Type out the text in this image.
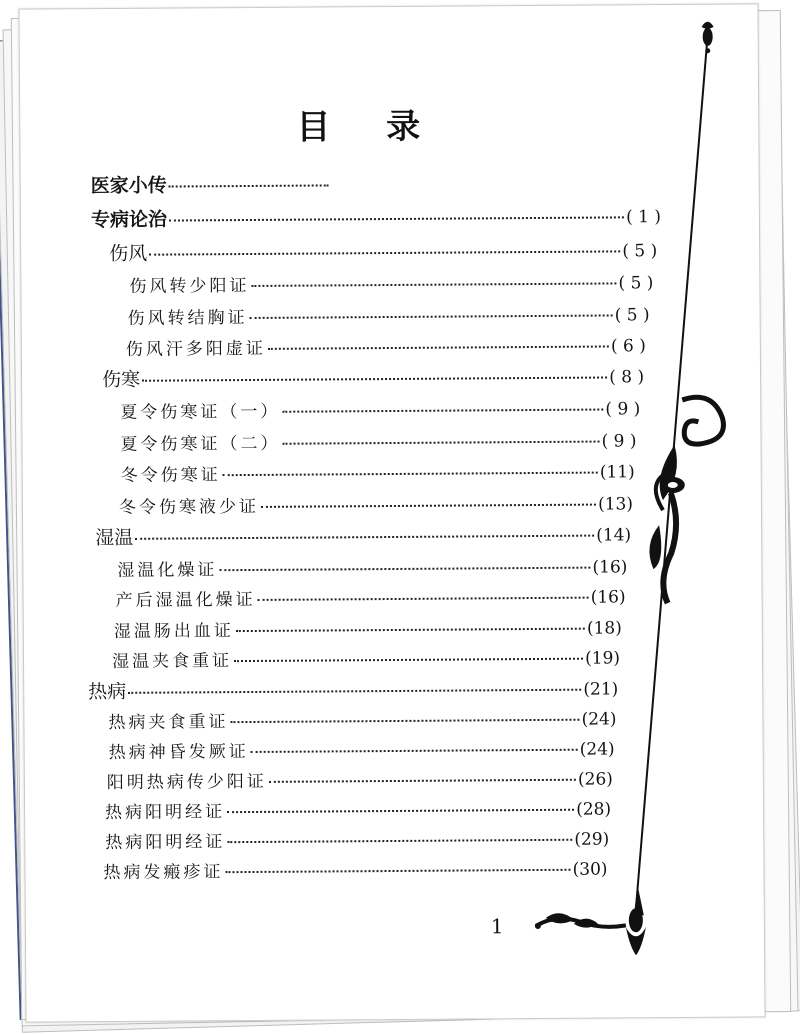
目 录
医家小传
专病论治	( 1 )
伤风	( 5 )
伤风转少阳证	( 5 )
伤风转结胸证	( 5 )
伤风汗多阳虚证	( 6 )
伤寒	( 8 )
夏令伤寒证（一）	( 9 )
夏令伤寒证（二）	( 9 )
冬令伤寒证	(11)
冬令伤寒液少证	(13)
湿温	(14)
湿温化燥证	(16)
产后湿温化燥证	(16)
湿温肠出血证	(18)
湿温夹食重证	(19)
热病	(21)
热病夹食重证	(24)
热病神昏发厥证	(24)
阳明热病传少阳证	(26)
热病阳明经证	(28)
热病阳明经证	(29)
热病发瘢疹证	(30)
1
